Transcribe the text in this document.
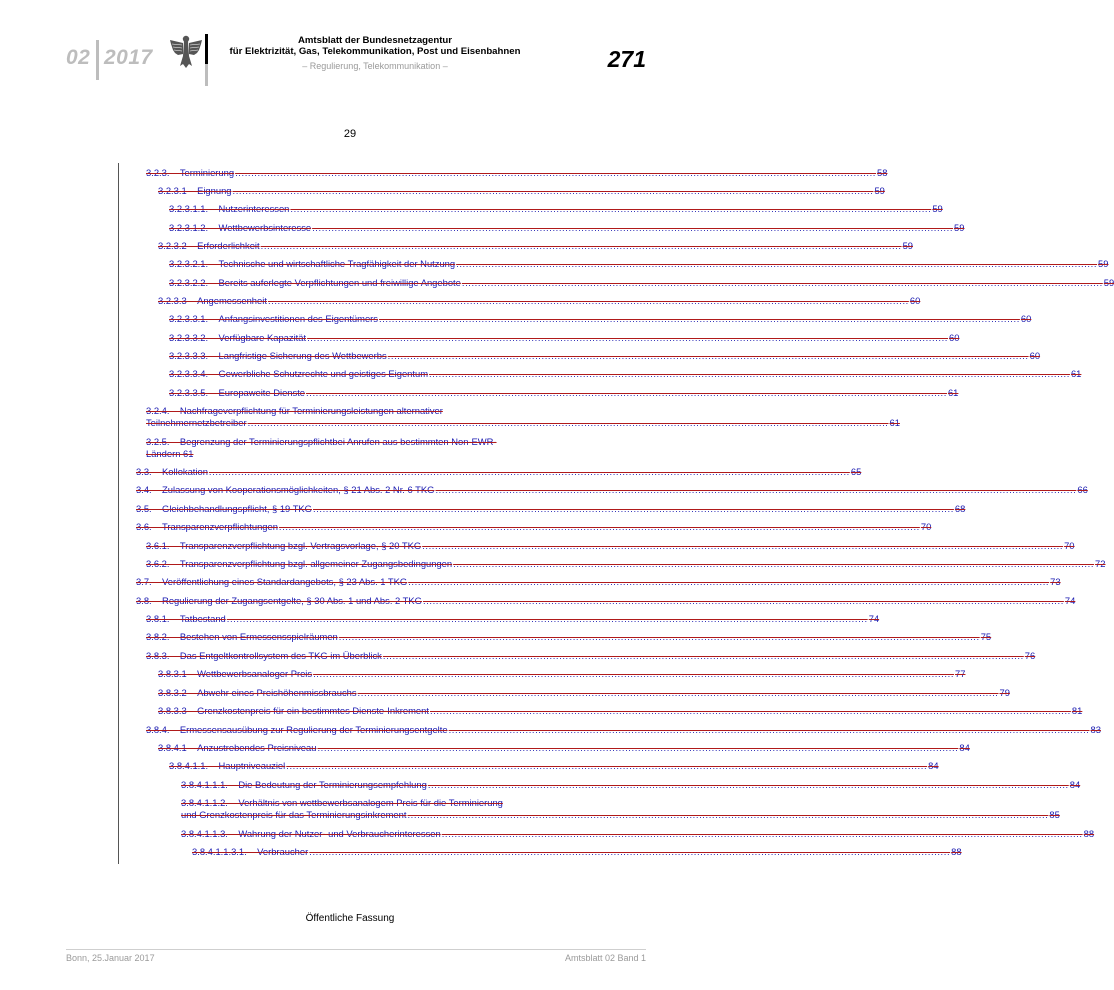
02 2017
Amtsblatt der Bundesnetzagentur
für Elektrizität, Gas, Telekommunikation, Post und Eisenbahnen
– Regulierung, Telekommunikation –	271
29
3.2.3.    Terminierung ........................................................................................................................................................................................................ 58
3.2.3.1    Eignung ........................................................................................................................................................................................................ 59
3.2.3.1.1.    Nutzerinteressen ........................................................................................................................................................................................................ 59
3.2.3.1.2.    Wettbewerbsinteresse ........................................................................................................................................................................................................ 59
3.2.3.2    Erforderlichkeit ........................................................................................................................................................................................................ 59
3.2.3.2.1.    Technische und wirtschaftliche Tragfähigkeit der Nutzung ........................................................................................................................................................................................................ 59
3.2.3.2.2.    Bereits auferlegte Verpflichtungen und freiwillige Angebote ........................................................................................................................................................................................................ 59
3.2.3.3    Angemessenheit ........................................................................................................................................................................................................ 60
3.2.3.3.1.    Anfangsinvestitionen des Eigentümers ........................................................................................................................................................................................................ 60
3.2.3.3.2.    Verfügbare Kapazität ........................................................................................................................................................................................................ 60
3.2.3.3.3.    Langfristige Sicherung des Wettbewerbs ........................................................................................................................................................................................................ 60
3.2.3.3.4.    Gewerbliche Schutzrechte und geistiges Eigentum ........................................................................................................................................................................................................ 61
3.2.3.3.5.    Europaweite Dienste ........................................................................................................................................................................................................ 61
3.2.4.    Nachfrageverpflichtung für Terminierungsleistungen alternativer
Teilnehmernetzbetreiber ........................................................................................................................................................................................................ 61
3.2.5.    Begrenzung der Terminierungspflichtbei Anrufen aus bestimmten Non-EWR-
Ländern 61
3.3.    Kollokation ........................................................................................................................................................................................................ 65
3.4.    Zulassung von Kooperationsmöglichkeiten, § 21 Abs. 2 Nr. 6 TKG ........................................................................................................................................................................................................ 66
3.5.    Gleichbehandlungspflicht, § 19 TKG ........................................................................................................................................................................................................ 68
3.6.    Transparenzverpflichtungen ........................................................................................................................................................................................................ 70
3.6.1.    Transparenzverpflichtung bzgl. Vertragsvorlage, § 20 TKG ........................................................................................................................................................................................................ 70
3.6.2.    Transparenzverpflichtung bzgl. allgemeiner Zugangsbedingungen ........................................................................................................................................................................................................ 72
3.7.    Veröffentlichung eines Standardangebots, § 23 Abs. 1 TKG ........................................................................................................................................................................................................ 73
3.8.    Regulierung der Zugangsentgelte, § 30 Abs. 1 und Abs. 2 TKG ........................................................................................................................................................................................................ 74
3.8.1.    Tatbestand ........................................................................................................................................................................................................ 74
3.8.2.    Bestehen von Ermessensspielräumen ........................................................................................................................................................................................................ 75
3.8.3.    Das Entgeltkontrollsystem des TKG im Überblick ........................................................................................................................................................................................................ 76
3.8.3.1    Wettbewerbsanaloger Preis ........................................................................................................................................................................................................ 77
3.8.3.2    Abwehr eines Preishöhenmissbrauchs ........................................................................................................................................................................................................ 79
3.8.3.3    Grenzkostenpreis für ein bestimmtes Dienste-Inkrement ........................................................................................................................................................................................................ 81
3.8.4.    Ermessensausübung zur Regulierung der Terminierungsentgelte ........................................................................................................................................................................................................ 83
3.8.4.1    Anzustrebendes Preisniveau ........................................................................................................................................................................................................ 84
3.8.4.1.1.    Hauptniveauziel ........................................................................................................................................................................................................ 84
3.8.4.1.1.1.    Die Bedeutung der Terminierungsempfehlung ........................................................................................................................................................................................................ 84
3.8.4.1.1.2.    Verhältnis von wettbewerbsanalogem Preis für die Terminierung
und Grenzkostenpreis für das Terminierungsinkrement ........................................................................................................................................................................................................ 85
3.8.4.1.1.3.    Wahrung der Nutzer- und Verbraucherinteressen ........................................................................................................................................................................................................ 88
3.8.4.1.1.3.1.    Verbraucher ........................................................................................................................................................................................................ 88
Öffentliche Fassung
Bonn, 25.Januar 2017	Amtsblatt 02 Band 1
